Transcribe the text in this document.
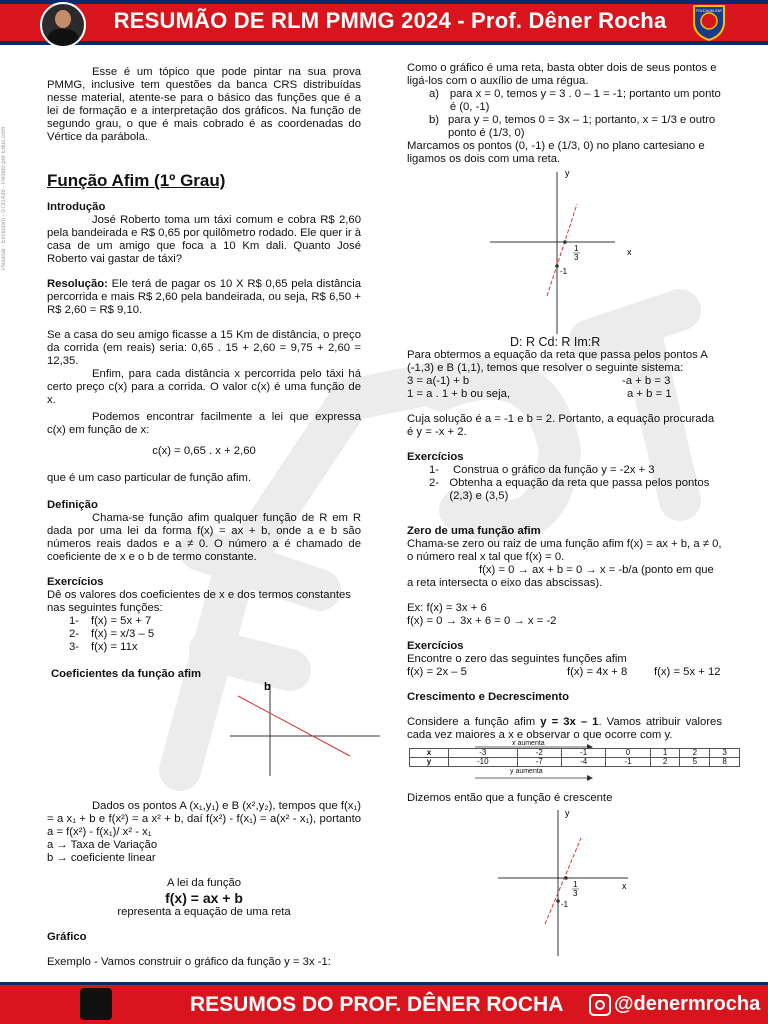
RESUMÃO DE RLM PMMG 2024 - Prof. Dêner Rocha	POLÍCIA MILITAR
Pessoal - Exclusivo - 0731438 - Pedido por Educ.com

Esse é um tópico que pode pintar na sua prova PMMG, inclusive tem questões da banca CRS distribuídas nesse material, atente-se para o básico das funções que é a lei de formação e a interpretação dos gráficos. Na função de segundo grau, o que é mais cobrado é as coordenadas do Vértice da parábola.

Função Afim (1º Grau)
Introdução

José Roberto toma um táxi comum e cobra R$ 2,60 pela bandeirada e R$ 0,65 por quilômetro rodado. Ele quer ir à casa de um amigo que foca a 10 Km dali. Quanto José Roberto vai gastar de táxi?

Resolução: Ele terá de pagar os 10 X R$ 0,65 pela distância percorrida e mais R$ 2,60 pela bandeirada, ou seja, R$ 6,50 + R$ 2,60 = R$ 9,10.

Se a casa do seu amigo ficasse a 15 Km de distância, o preço da corrida (em reais) seria: 0,65 . 15 + 2,60 = 9,75 + 2,60 = 12,35.

Enfim, para cada distância x percorrida pelo táxi há certo preço c(x) para a corrida. O valor c(x) é uma função de x.

Podemos encontrar facilmente a lei que expressa c(x) em função de x:

c(x) = 0,65 . x + 2,60

que é um caso particular de função afim.

Definição

Chama-se função afim qualquer função de R em R dada por uma lei da forma f(x) = ax + b, onde a e b são números reais dados e a ≠ 0. O número a é chamado de coeficiente de x e o b de termo constante.

Exercícios

Dê os valores dos coeficientes de x e dos termos constantes nas seguintes funções:

1-	f(x) = 5x + 7
2-	f(x) = x/3 – 5
3-	f(x) = 11x
Coeficientes da função afim
b

Dados os pontos A (x₁,y₁) e B (x²,y₂), tempos que f(x₁) = a x₁ + b e f(x²) = a x² + b, daí f(x²) - f(x₁) = a(x² - x₁), portanto a = f(x²) - f(x₁)/ x² - x₁

a → Taxa de Variação

b → coeficiente linear

A lei da função

f(x) = ax + b

representa a equação de uma reta

Gráfico

Exemplo - Vamos construir o gráfico da função y = 3x -1:

Como o gráfico é uma reta, basta obter dois de seus pontos e ligá-los com o auxílio de uma régua.

a) para x = 0, temos y = 3 . 0 – 1 = -1; portanto um ponto é (0, -1)
b) para y = 0, temos 0 = 3x – 1; portanto, x = 1/3 e outro ponto é (1/3, 0)

Marcamos os pontos (0, -1) e (1/3, 0) no plano cartesiano e ligamos os dois com uma reta.

y
x
1
3
-1

D: R Cd: R Im:R

Para obtermos a equação da reta que passa pelos pontos A (-1,3) e B (1,1), temos que resolver o seguinte sistema:

3 = a(-1) + b	-a + b = 3
1 = a . 1 + b ou seja,	a + b = 1

Cuja solução é a = -1 e b = 2. Portanto, a equação procurada é y = -x + 2.

Exercícios
1-	Construa o gráfico da função y = -2x + 3
2- Obtenha a equação da reta que passa pelos pontos (2,3) e (3,5)
Zero de uma função afim

Chama-se zero ou raiz de uma função afim f(x) = ax + b, a ≠ 0, o número real x tal que f(x) = 0.

f(x) = 0 → ax + b = 0 → x = -b/a (ponto em que a reta intersecta o eixo das abscissas).

Ex: f(x) = 3x + 6

f(x) = 0 → 3x + 6 = 0 → x = -2

Exercícios

Encontre o zero das seguintes funções afim

f(x) = 2x – 5	f(x) = 4x + 8	f(x) = 5x + 12
Crescimento e Decrescimento

Considere a função afim y = 3x – 1. Vamos atribuir valores cada vez maiores a x e observar o que ocorre com y.

x aumenta
x	-3	-2	-1	0	1	2	3
y	-10	-7	-4	-1	2	5	8
y aumenta

Dizemos então que a função é crescente

y
x
1
3
-1
RESUMOS DO PROF. DÊNER ROCHA	@denermrocha
